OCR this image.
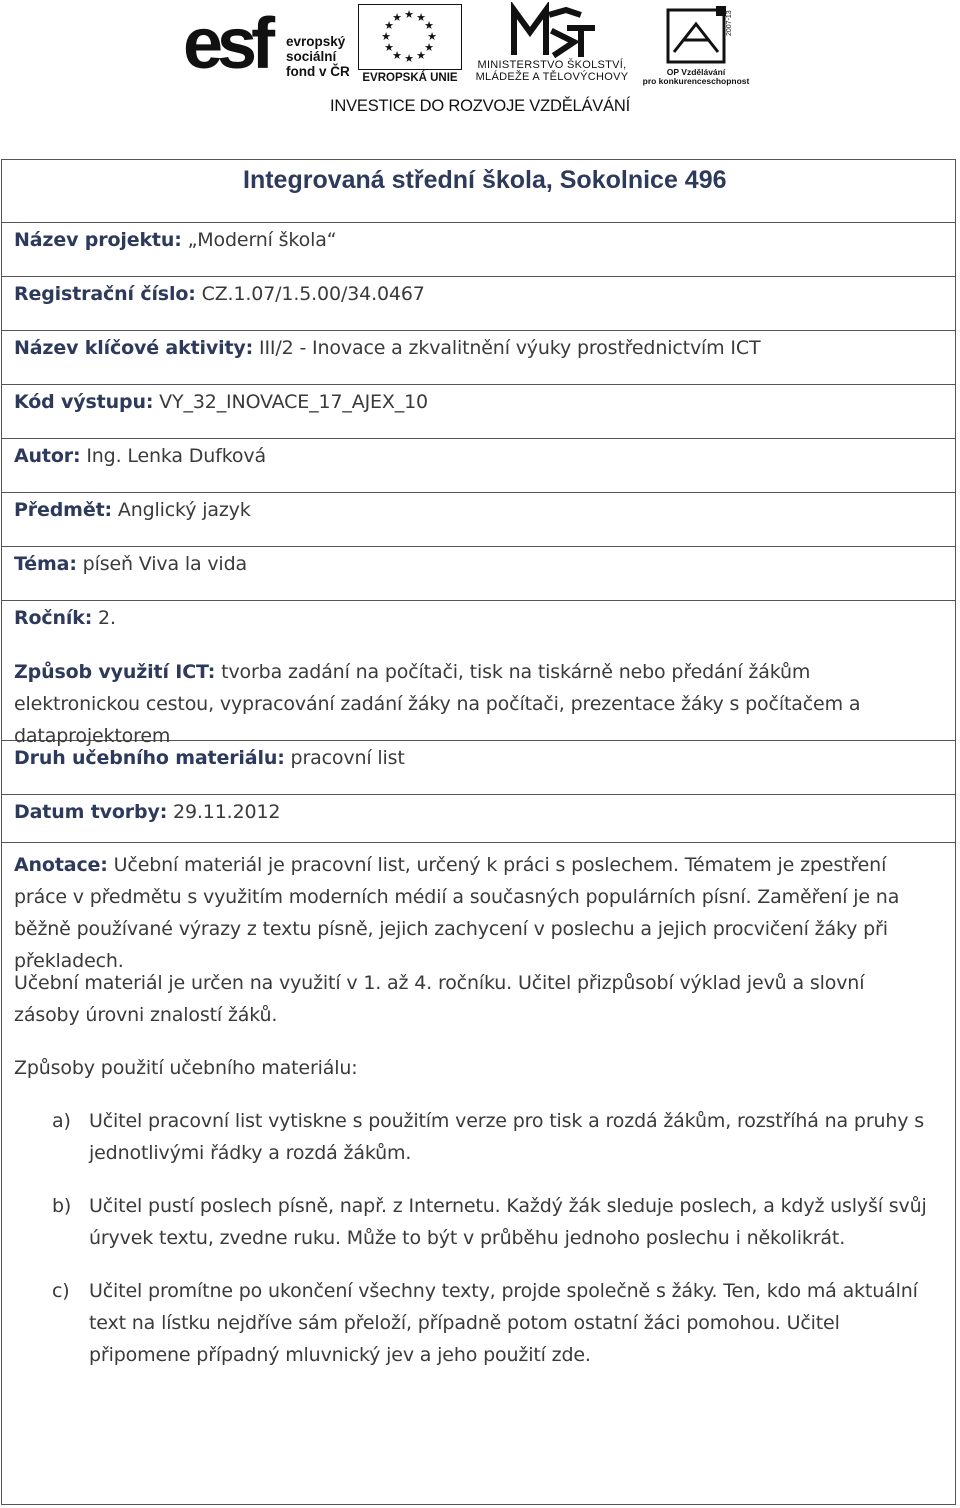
esf evropský
sociální
fond v ČR
★ ★
★
★
★
★
★
★
★
★
★
★
EVROPSKÁ UNIE
MINISTERSTVO ŠKOLSTVÍ,
MLÁDEŽE A TĚLOVÝCHOVY
2007-13
OP Vzdělávání
pro konkurenceschopnost
INVESTICE DO ROZVOJE VZDĚLÁVÁNÍ
Integrovaná střední škola, Sokolnice 496
Název projektu: „Moderní škola“
Registrační číslo: CZ.1.07/1.5.00/34.0467
Název klíčové aktivity: III/2 - Inovace a zkvalitnění výuky prostřednictvím ICT
Kód výstupu: VY_32_INOVACE_17_AJEX_10
Autor: Ing. Lenka Dufková
Předmět: Anglický jazyk
Téma: píseň Viva la vida
Ročník: 2.
Způsob využití ICT: tvorba zadání na počítači, tisk na tiskárně nebo předání žákům elektronickou cestou, vypracování zadání žáky na počítači, prezentace žáky s počítačem a dataprojektorem
Druh učebního materiálu: pracovní list
Datum tvorby: 29.11.2012
Anotace: Učební materiál je pracovní list, určený k práci s poslechem. Tématem je zpestření práce v předmětu s využitím moderních médií a současných populárních písní. Zaměření je na běžně používané výrazy z textu písně, jejich zachycení v poslechu a jejich procvičení žáky při překladech.
Učební materiál je určen na využití v 1. až 4. ročníku. Učitel přizpůsobí výklad jevů a slovní zásoby úrovni znalostí žáků.
Způsoby použití učebního materiálu:
a) Učitel pracovní list vytiskne s použitím verze pro tisk a rozdá žákům, rozstříhá na pruhy s jednotlivými řádky a rozdá žákům.
b) Učitel pustí poslech písně, např. z Internetu. Každý žák sleduje poslech, a když uslyší svůj úryvek textu, zvedne ruku. Může to být v průběhu jednoho poslechu i několikrát.
c) Učitel promítne po ukončení všechny texty, projde společně s žáky. Ten, kdo má aktuální text na lístku nejdříve sám přeloží, případně potom ostatní žáci pomohou. Učitel připomene případný mluvnický jev a jeho použití zde.
